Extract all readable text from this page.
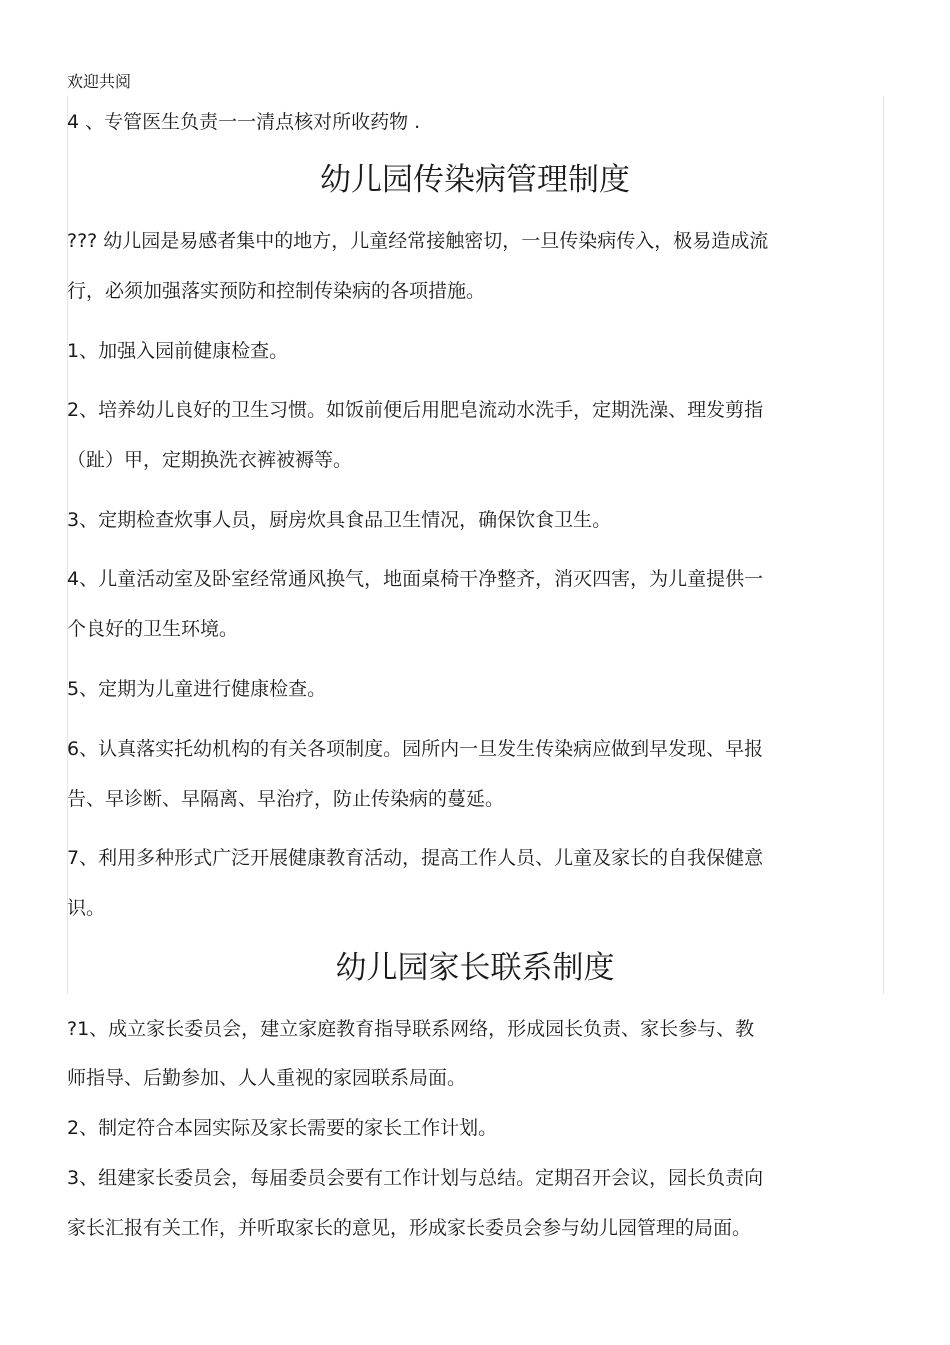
欢迎共阅
4 、专管医生负责一一清点核对所收药物 .
幼儿园传染病管理制度
??? 幼儿园是易感者集中的地方，儿童经常接触密切，一旦传染病传入，极易造成流
行，必须加强落实预防和控制传染病的各项措施。
1、加强入园前健康检查。
2、培养幼儿良好的卫生习惯。如饭前便后用肥皂流动水洗手，定期洗澡、理发剪指
（趾）甲，定期换洗衣裤被褥等。
3、定期检查炊事人员，厨房炊具食品卫生情况，确保饮食卫生。
4、儿童活动室及卧室经常通风换气，地面桌椅干净整齐，消灭四害，为儿童提供一
个良好的卫生环境。
5、定期为儿童进行健康检查。
6、认真落实托幼机构的有关各项制度。园所内一旦发生传染病应做到早发现、早报
告、早诊断、早隔离、早治疗，防止传染病的蔓延。
7、利用多种形式广泛开展健康教育活动，提高工作人员、儿童及家长的自我保健意
识。
幼儿园家长联系制度
?1、成立家长委员会，建立家庭教育指导联系网络，形成园长负责、家长参与、教
师指导、后勤参加、人人重视的家园联系局面。
2、制定符合本园实际及家长需要的家长工作计划。
3、组建家长委员会，每届委员会要有工作计划与总结。定期召开会议，园长负责向
家长汇报有关工作，并听取家长的意见，形成家长委员会参与幼儿园管理的局面。
